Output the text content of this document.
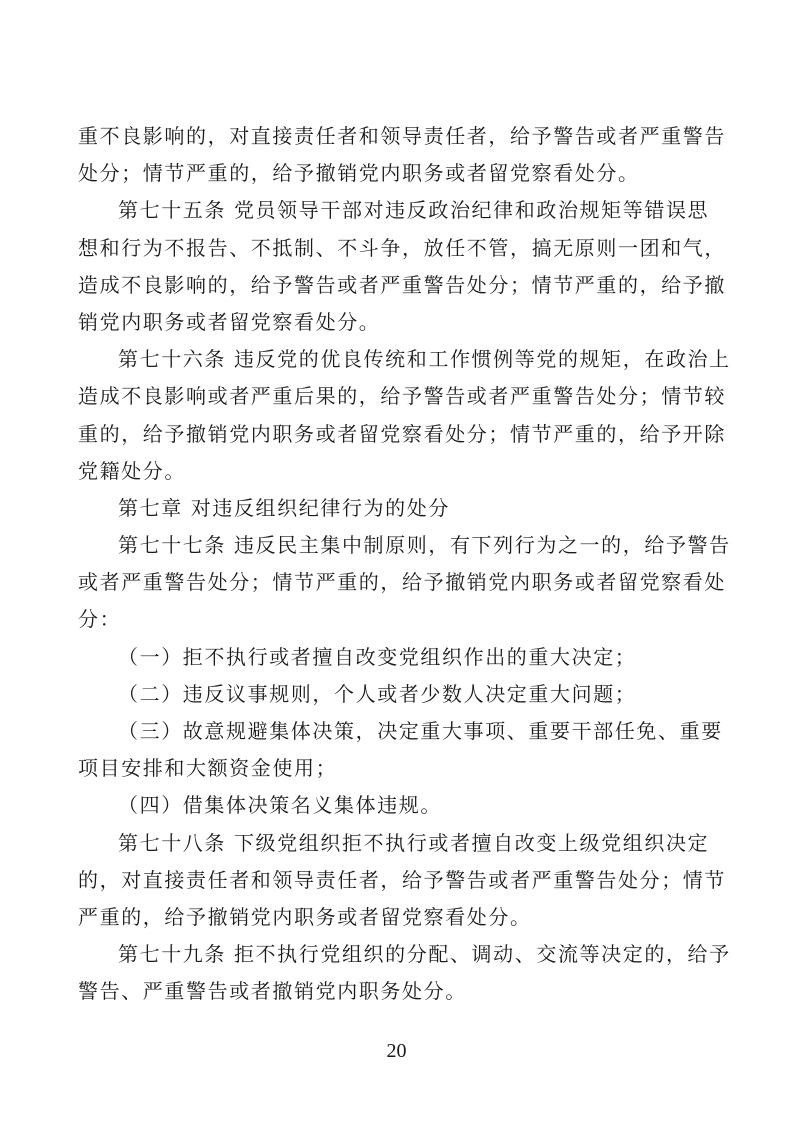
重不良影响的，对直接责任者和领导责任者，给予警告或者严重警告
处分；情节严重的，给予撤销党内职务或者留党察看处分。
第七十五条 党员领导干部对违反政治纪律和政治规矩等错误思
想和行为不报告、不抵制、不斗争，放任不管，搞无原则一团和气，
造成不良影响的，给予警告或者严重警告处分；情节严重的，给予撤
销党内职务或者留党察看处分。
第七十六条 违反党的优良传统和工作惯例等党的规矩，在政治上
造成不良影响或者严重后果的，给予警告或者严重警告处分；情节较
重的，给予撤销党内职务或者留党察看处分；情节严重的，给予开除
党籍处分。
第七章 对违反组织纪律行为的处分
第七十七条 违反民主集中制原则，有下列行为之一的，给予警告
或者严重警告处分；情节严重的，给予撤销党内职务或者留党察看处
分：
（一）拒不执行或者擅自改变党组织作出的重大决定；
（二）违反议事规则，个人或者少数人决定重大问题；
（三）故意规避集体决策，决定重大事项、重要干部任免、重要
项目安排和大额资金使用；
（四）借集体决策名义集体违规。
第七十八条 下级党组织拒不执行或者擅自改变上级党组织决定
的，对直接责任者和领导责任者，给予警告或者严重警告处分；情节
严重的，给予撤销党内职务或者留党察看处分。
第七十九条 拒不执行党组织的分配、调动、交流等决定的，给予
警告、严重警告或者撤销党内职务处分。
20
